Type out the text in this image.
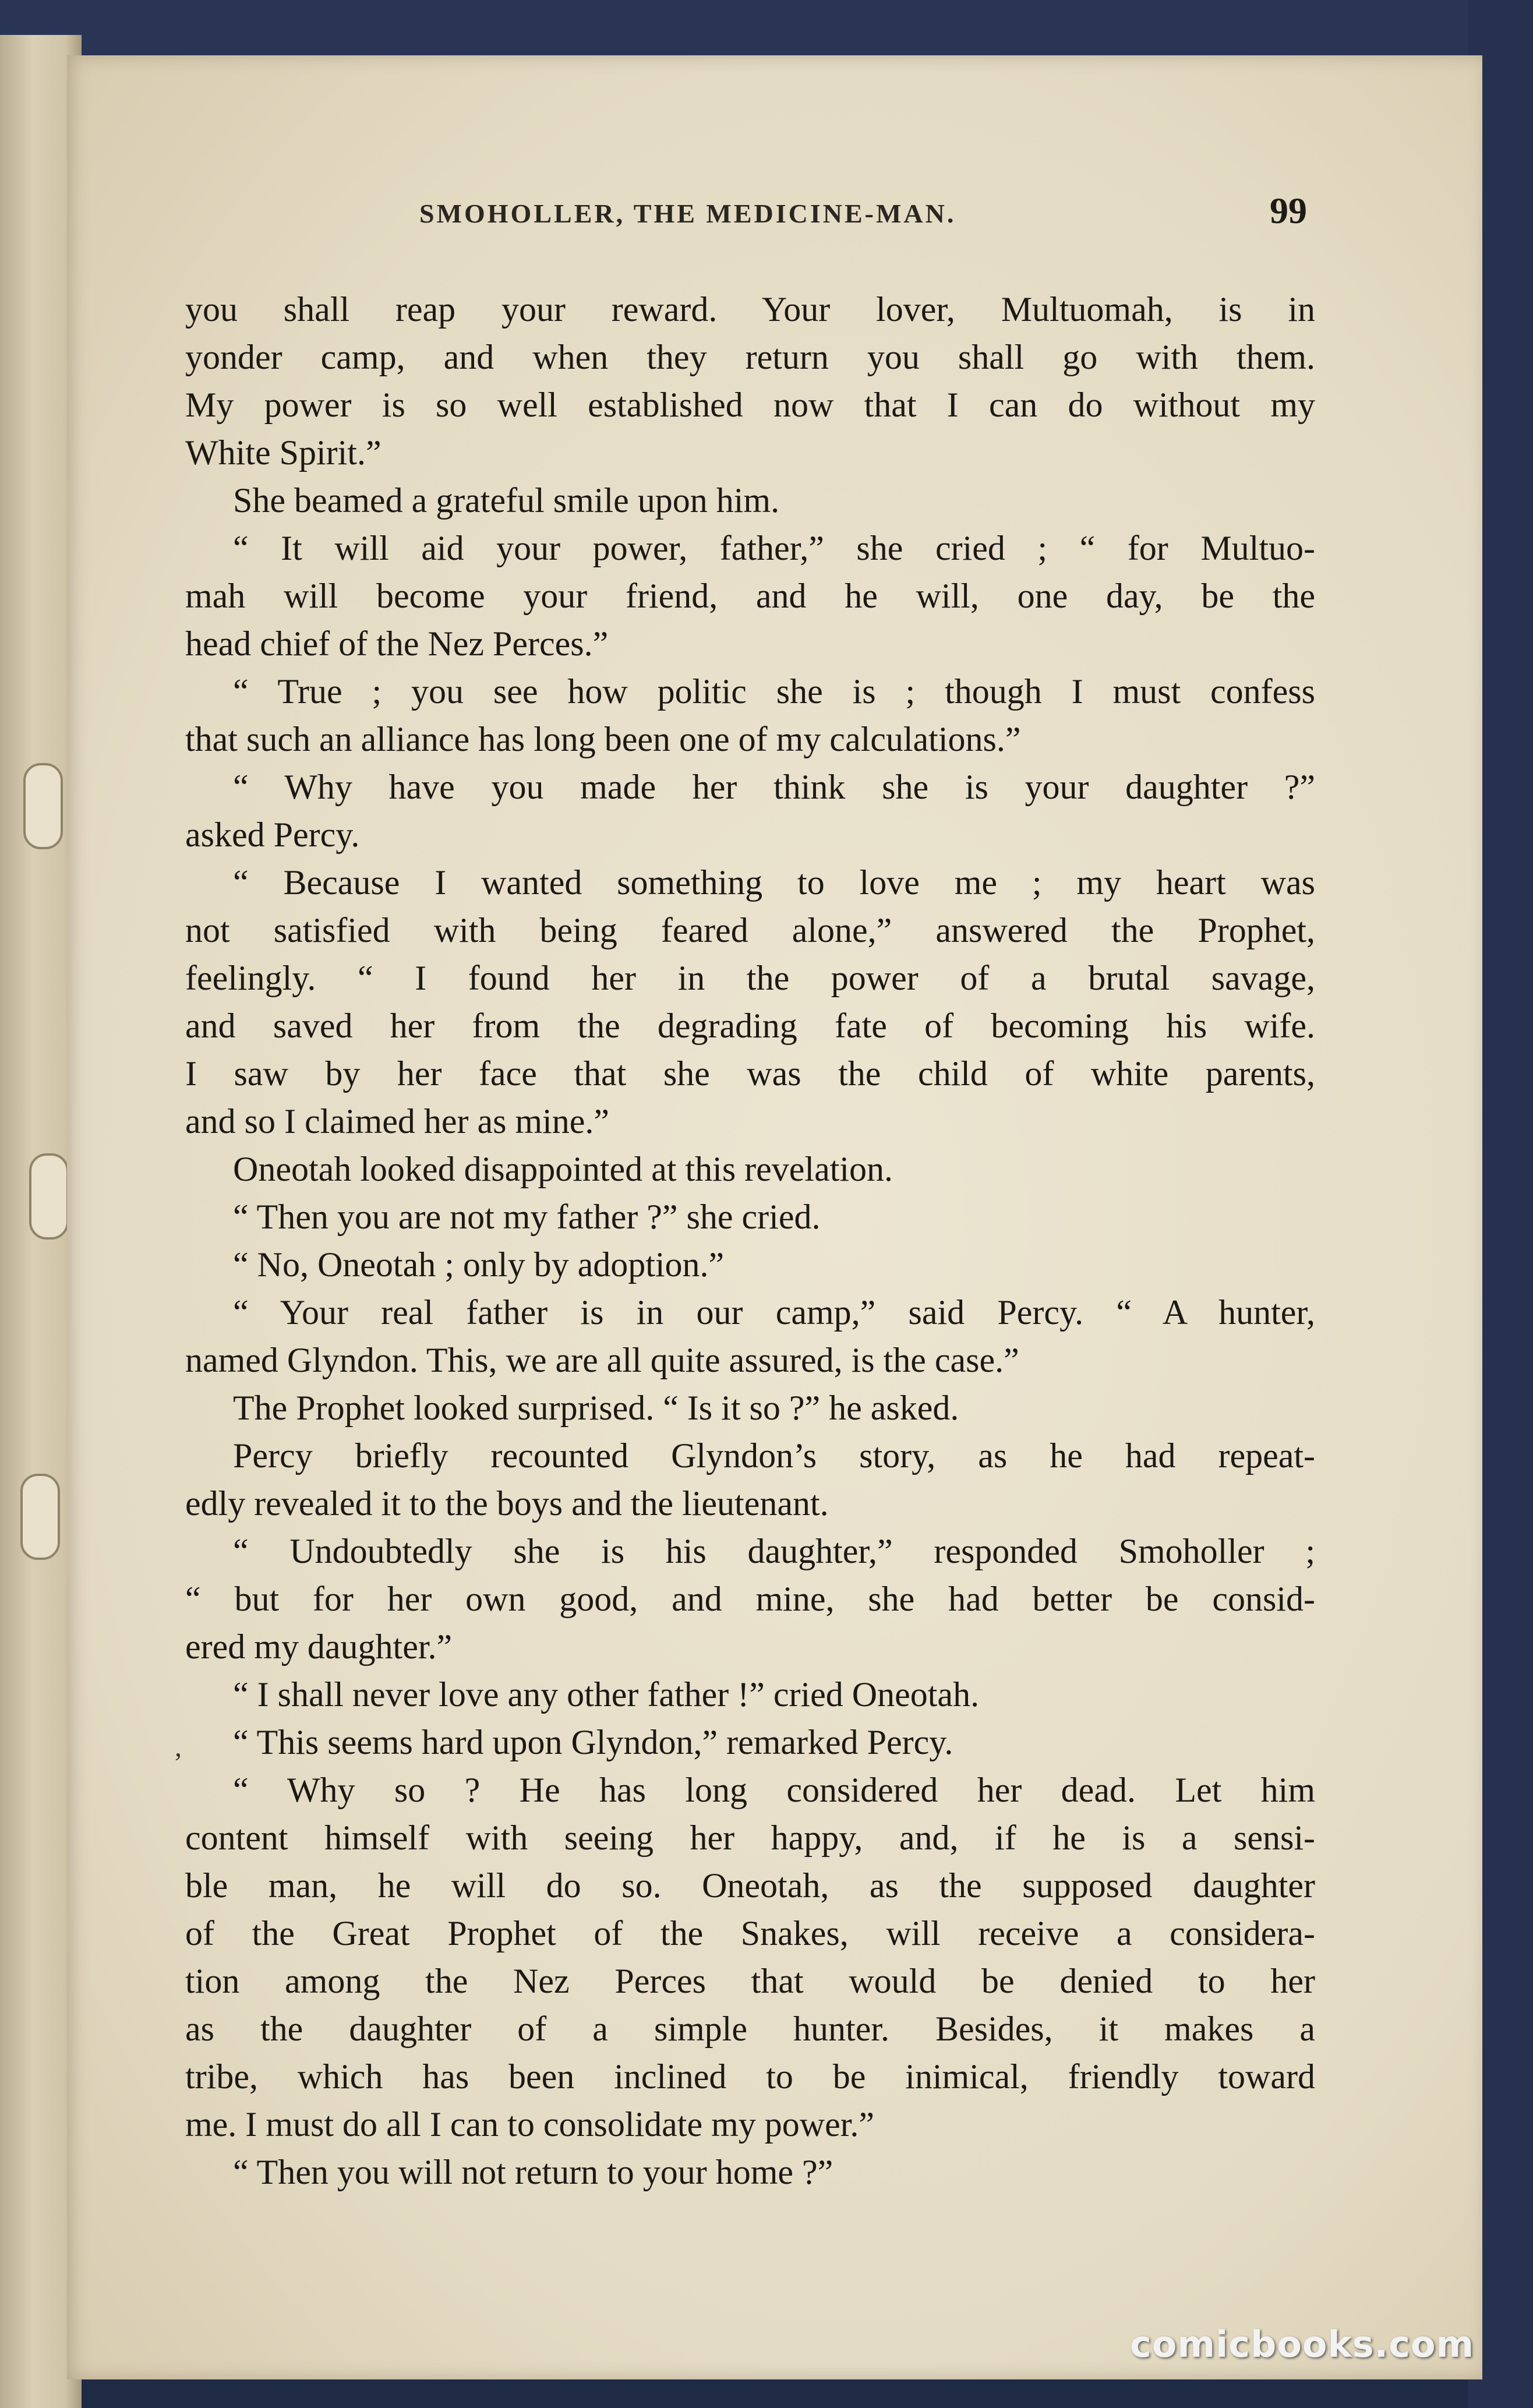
SMOHOLLER, THE MEDICINE-MAN.	99
,
you shall reap your reward. Your lover, Multuomah, is in
yonder camp, and when they return you shall go with them.
My power is so well established now that I can do without my
White Spirit.”
She beamed a grateful smile upon him.
“ It will aid your power, father,” she cried ; “ for Multuo-
mah will become your friend, and he will, one day, be the
head chief of the Nez Perces.”
“ True ; you see how politic she is ; though I must confess
that such an alliance has long been one of my calculations.”
“ Why have you made her think she is your daughter ?”
asked Percy.
“ Because I wanted something to love me ; my heart was
not satisfied with being feared alone,” answered the Prophet,
feelingly. “ I found her in the power of a brutal savage,
and saved her from the degrading fate of becoming his wife.
I saw by her face that she was the child of white parents,
and so I claimed her as mine.”
Oneotah looked disappointed at this revelation.
“ Then you are not my father ?” she cried.
“ No, Oneotah ; only by adoption.”
“ Your real father is in our camp,” said Percy. “ A hunter,
named Glyndon. This, we are all quite assured, is the case.”
The Prophet looked surprised. “ Is it so ?” he asked.
Percy briefly recounted Glyndon’s story, as he had repeat-
edly revealed it to the boys and the lieutenant.
“ Undoubtedly she is his daughter,” responded Smoholler ;
“ but for her own good, and mine, she had better be consid-
ered my daughter.”
“ I shall never love any other father !” cried Oneotah.
“ This seems hard upon Glyndon,” remarked Percy.
“ Why so ? He has long considered her dead. Let him
content himself with seeing her happy, and, if he is a sensi-
ble man, he will do so. Oneotah, as the supposed daughter
of the Great Prophet of the Snakes, will receive a considera-
tion among the Nez Perces that would be denied to her
as the daughter of a simple hunter. Besides, it makes a
tribe, which has been inclined to be inimical, friendly toward
me. I must do all I can to consolidate my power.”
“ Then you will not return to your home ?”
comicbooks.com
